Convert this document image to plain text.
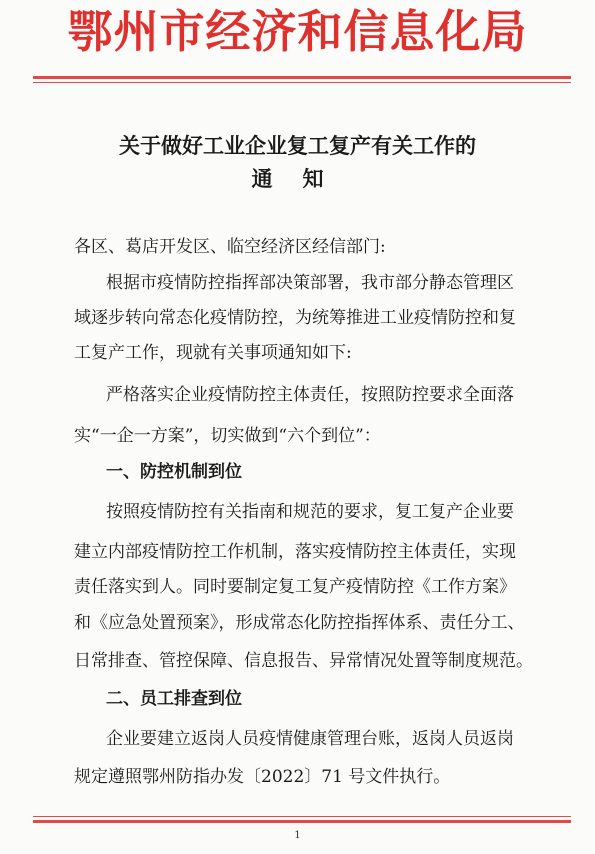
鄂州市经济和信息化局
关于做好工业企业复工复产有关工作的
通知
各区、葛店开发区、临空经济区经信部门:
根据市疫情防控指挥部决策部署，我市部分静态管理区
域逐步转向常态化疫情防控，为统筹推进工业疫情防控和复
工复产工作，现就有关事项通知如下:
严格落实企业疫情防控主体责任，按照防控要求全面落
实“一企一方案”，切实做到“六个到位”：
一、防控机制到位
按照疫情防控有关指南和规范的要求，复工复产企业要
建立内部疫情防控工作机制，落实疫情防控主体责任，实现
责任落实到人。同时要制定复工复产疫情防控《工作方案》
和《应急处置预案》，形成常态化防控指挥体系、责任分工、
日常排查、管控保障、信息报告、异常情况处置等制度规范。
二、员工排查到位
企业要建立返岗人员疫情健康管理台账，返岗人员返岗
规定遵照鄂州防指办发〔2022〕71 号文件执行。
1
